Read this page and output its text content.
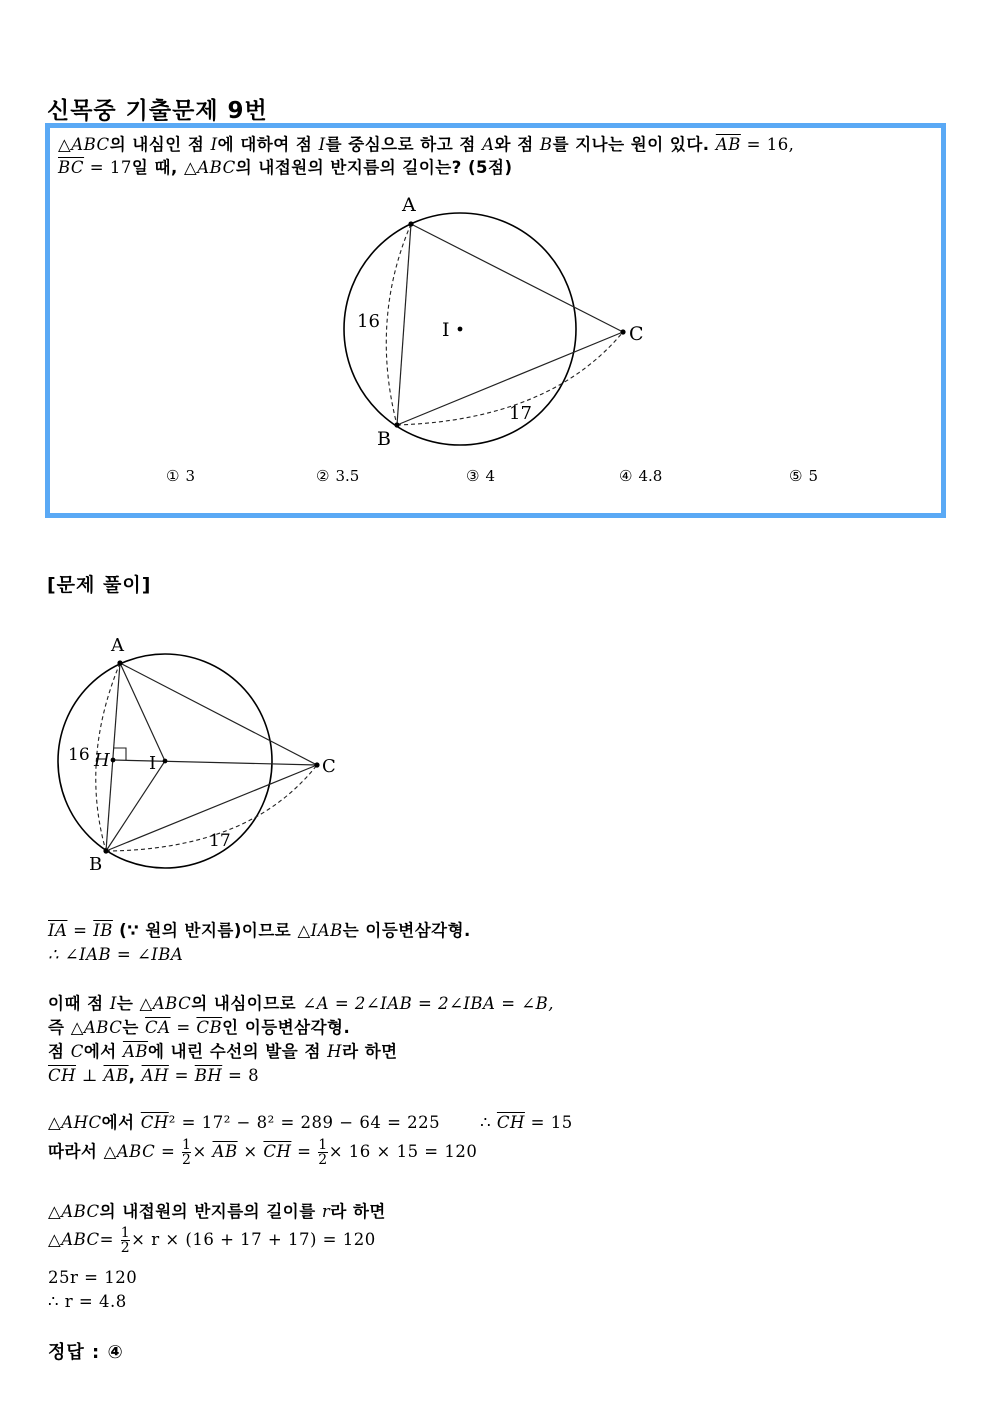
신목중 기출문제 9번
△ABC의 내심인 점 I에 대하여 점 I를 중심으로 하고 점 A와 점 B를 지나는 원이 있다. $\overline{AB} = 16$,
$\overline{BC} = 17$일 때, △ABC의 내접원의 반지름의 길이는? (5점)
A
B
C
I
16
17
① 3	② 3.5	③ 4	④ 4.8	⑤ 5
[문제 풀이]
A
B
C
I
H
16
17
$\overline{IA} = \overline{IB}$ (∵ 원의 반지름)이므로 △IAB는 이등변삼각형.
∴ ∠IAB = ∠IBA
이때 점 I는 △ABC의 내심이므로 ∠A = 2∠IAB = 2∠IBA = ∠B,
즉 △ABC는 $\overline{CA} = \overline{CB}$인 이등변삼각형.
점 C에서 $\overline{AB}$에 내린 수선의 발을 점 H라 하면
$\overline{CH}$ ⊥ $\overline{AB}$, $\overline{AH} = \overline{BH} = 8$
△AHC에서 $\overline{CH}^2 = 17^2 - 8^2 = 289 - 64 = 225$ ∴ $\overline{CH} = 15$
따라서 △ABC = $\frac{1}{2} \times \overline{AB} \times \overline{CH} = \frac{1}{2} \times 16 \times 15 = 120$
△ABC의 내접원의 반지름의 길이를 r라 하면
△ABC= $\frac{1}{2} \times r \times (16 + 17 + 17) = 120$
25r = 120
∴ r = 4.8
정답 : ④
